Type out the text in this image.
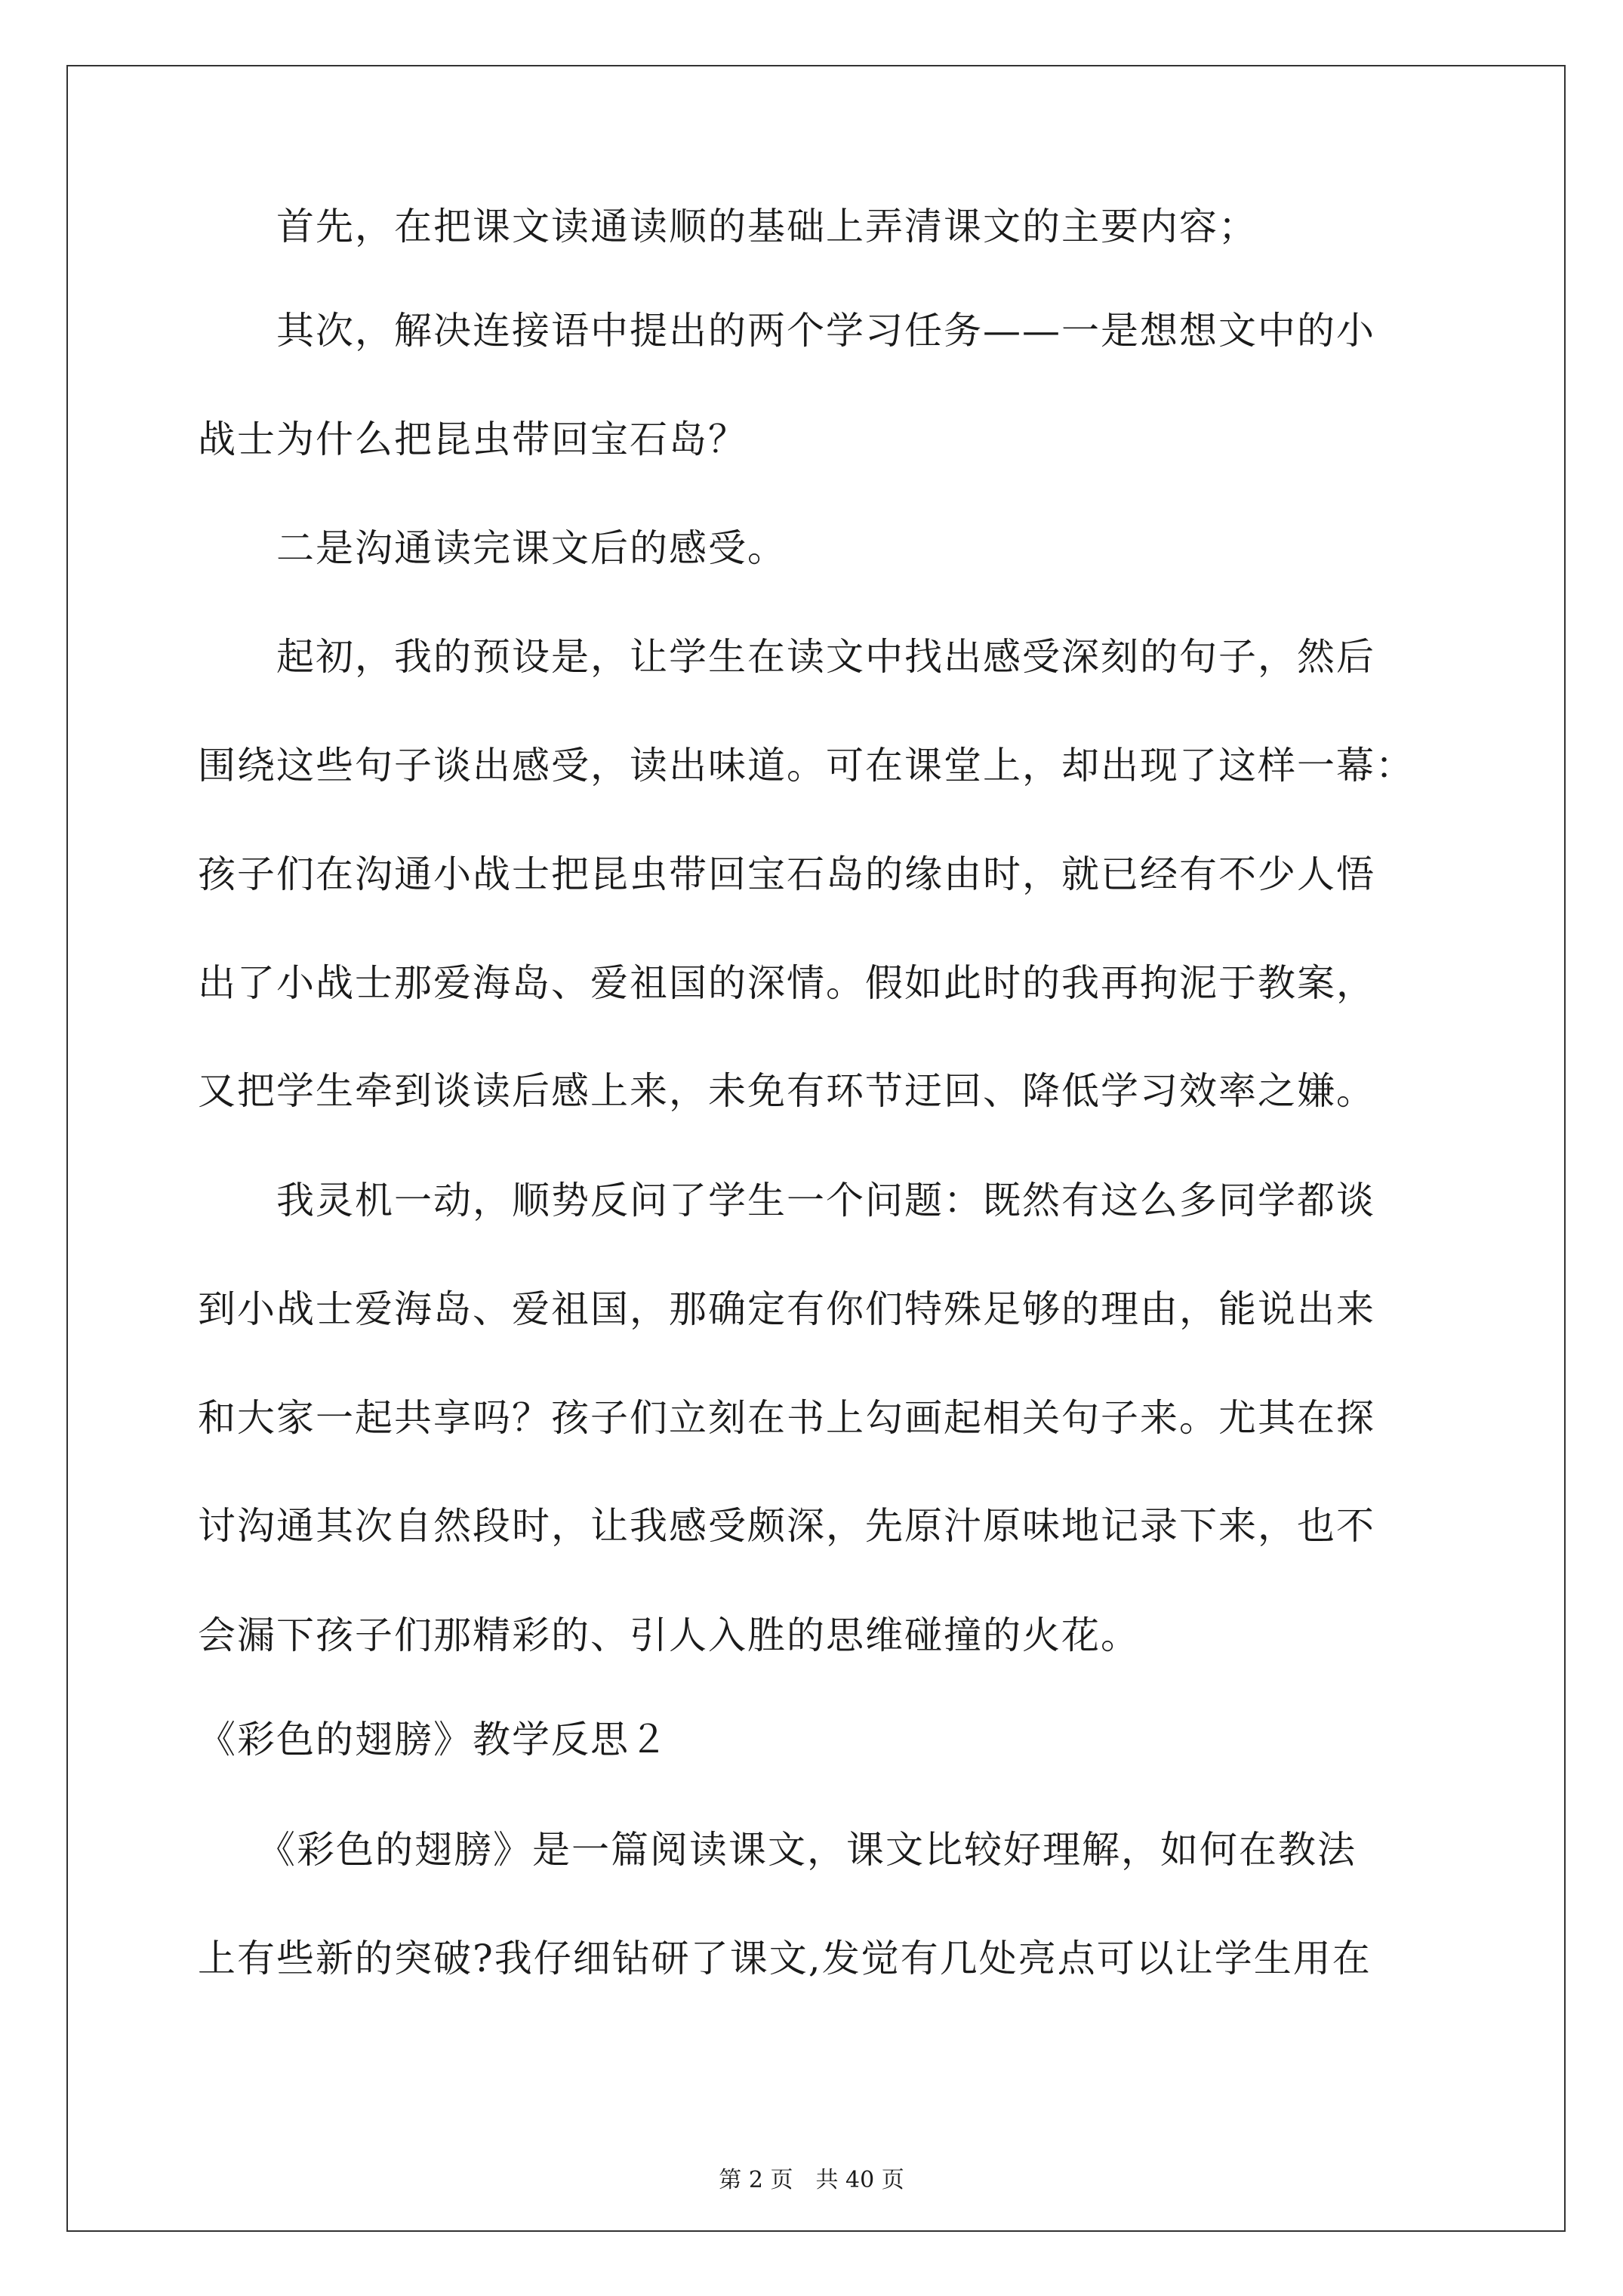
　　首先，在把课文读通读顺的基础上弄清课文的主要内容；
　　其次，解决连接语中提出的两个学习任务——一是想想文中的小
战士为什么把昆虫带回宝石岛？
　　二是沟通读完课文后的感受。
　　起初，我的预设是，让学生在读文中找出感受深刻的句子，然后
围绕这些句子谈出感受，读出味道。可在课堂上，却出现了这样一幕：
孩子们在沟通小战士把昆虫带回宝石岛的缘由时，就已经有不少人悟
出了小战士那爱海岛、爱祖国的深情。假如此时的我再拘泥于教案，
又把学生牵到谈读后感上来，未免有环节迂回、降低学习效率之嫌。
　　我灵机一动，顺势反问了学生一个问题：既然有这么多同学都谈
到小战士爱海岛、爱祖国，那确定有你们特殊足够的理由，能说出来
和大家一起共享吗？孩子们立刻在书上勾画起相关句子来。尤其在探
讨沟通其次自然段时，让我感受颇深，先原汁原味地记录下来，也不
会漏下孩子们那精彩的、引人入胜的思维碰撞的火花。
《彩色的翅膀》教学反思２
　　《彩色的翅膀》是一篇阅读课文，课文比较好理解，如何在教法
上有些新的突破?我仔细钻研了课文,发觉有几处亮点可以让学生用在
第 2 页　共 40 页
